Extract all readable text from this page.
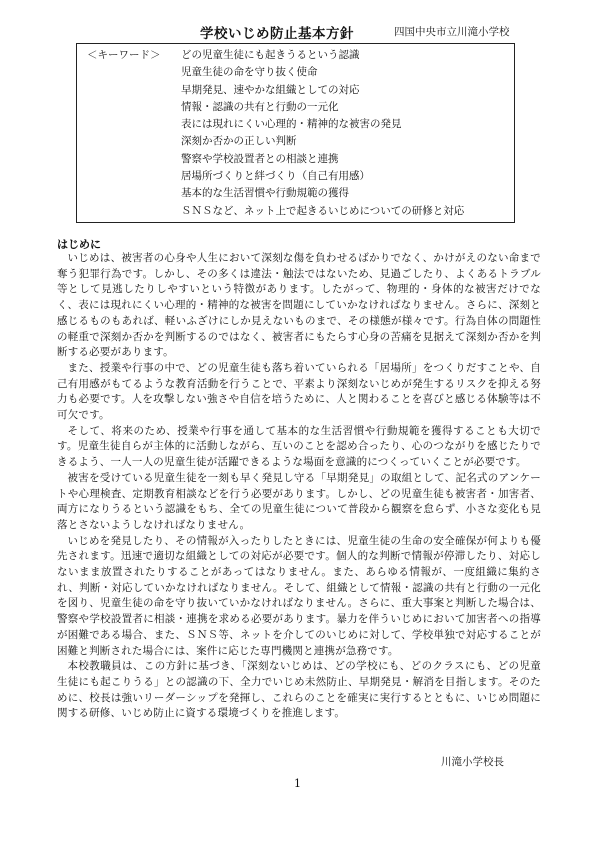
学校いじめ防止基本方針	四国中央市立川滝小学校
＜キーワード＞ どの児童生徒にも起きうるという認識
児童生徒の命を守り抜く使命
早期発見、速やかな組織としての対応
情報・認識の共有と行動の一元化
表には現れにくい心理的・精神的な被害の発見
深刻か否かの正しい判断
警察や学校設置者との相談と連携
居場所づくりと絆づくり（自己有用感）
基本的な生活習慣や行動規範の獲得
ＳＮＳなど、ネット上で起きるいじめについての研修と対応
はじめに

いじめは、被害者の心身や人生において深刻な傷を負わせるばかりでなく、かけがえのない命まで奪う犯罪行為です。しかし、その多くは違法・触法ではないため、見過ごしたり、よくあるトラブル等として見逃したりしやすいという特徴があります。したがって、物理的・身体的な被害だけでなく、表には現れにくい心理的・精神的な被害を問題にしていかなければなりません。さらに、深刻と感じるものもあれば、軽いふざけにしか見えないものまで、その様態が様々です。行為自体の問題性の軽重で深刻か否かを判断するのではなく、被害者にもたらす心身の苦痛を見据えて深刻か否かを判断する必要があります。

また、授業や行事の中で、どの児童生徒も落ち着いていられる「居場所」をつくりだすことや、自己有用感がもてるような教育活動を行うことで、平素より深刻ないじめが発生するリスクを抑える努力も必要です。人を攻撃しない強さや自信を培うために、人と関わることを喜びと感じる体験等は不可欠です。

そして、将来のため、授業や行事を通して基本的な生活習慣や行動規範を獲得することも大切です。児童生徒自らが主体的に活動しながら、互いのことを認め合ったり、心のつながりを感じたりできるよう、一人一人の児童生徒が活躍できるような場面を意識的につくっていくことが必要です。

被害を受けている児童生徒を一刻も早く発見し守る「早期発見」の取組として、記名式のアンケートや心理検査、定期教育相談などを行う必要があります。しかし、どの児童生徒も被害者・加害者、両方になりうるという認識をもち、全ての児童生徒について普段から観察を怠らず、小さな変化も見落とさないようしなければなりません。

いじめを発見したり、その情報が入ったりしたときには、児童生徒の生命の安全確保が何よりも優先されます。迅速で適切な組織としての対応が必要です。個人的な判断で情報が停滞したり、対応しないまま放置されたりすることがあってはなりません。また、あらゆる情報が、一度組織に集約され、判断・対応していかなければなりません。そして、組織として情報・認識の共有と行動の一元化を図り、児童生徒の命を守り抜いていかなければなりません。さらに、重大事案と判断した場合は、警察や学校設置者に相談・連携を求める必要があります。暴力を伴ういじめにおいて加害者への指導が困難である場合、また、ＳＮＳ等、ネットを介してのいじめに対して、学校単独で対応することが困難と判断された場合には、案件に応じた専門機関と連携が急務です。

本校教職員は、この方針に基づき、「深刻ないじめは、どの学校にも、どのクラスにも、どの児童生徒にも起こりうる」との認識の下、全力でいじめ未然防止、早期発見・解消を目指します。そのために、校長は強いリーダーシップを発揮し、これらのことを確実に実行するとともに、いじめ問題に関する研修、いじめ防止に資する環境づくりを推進します。

川滝小学校長
1
